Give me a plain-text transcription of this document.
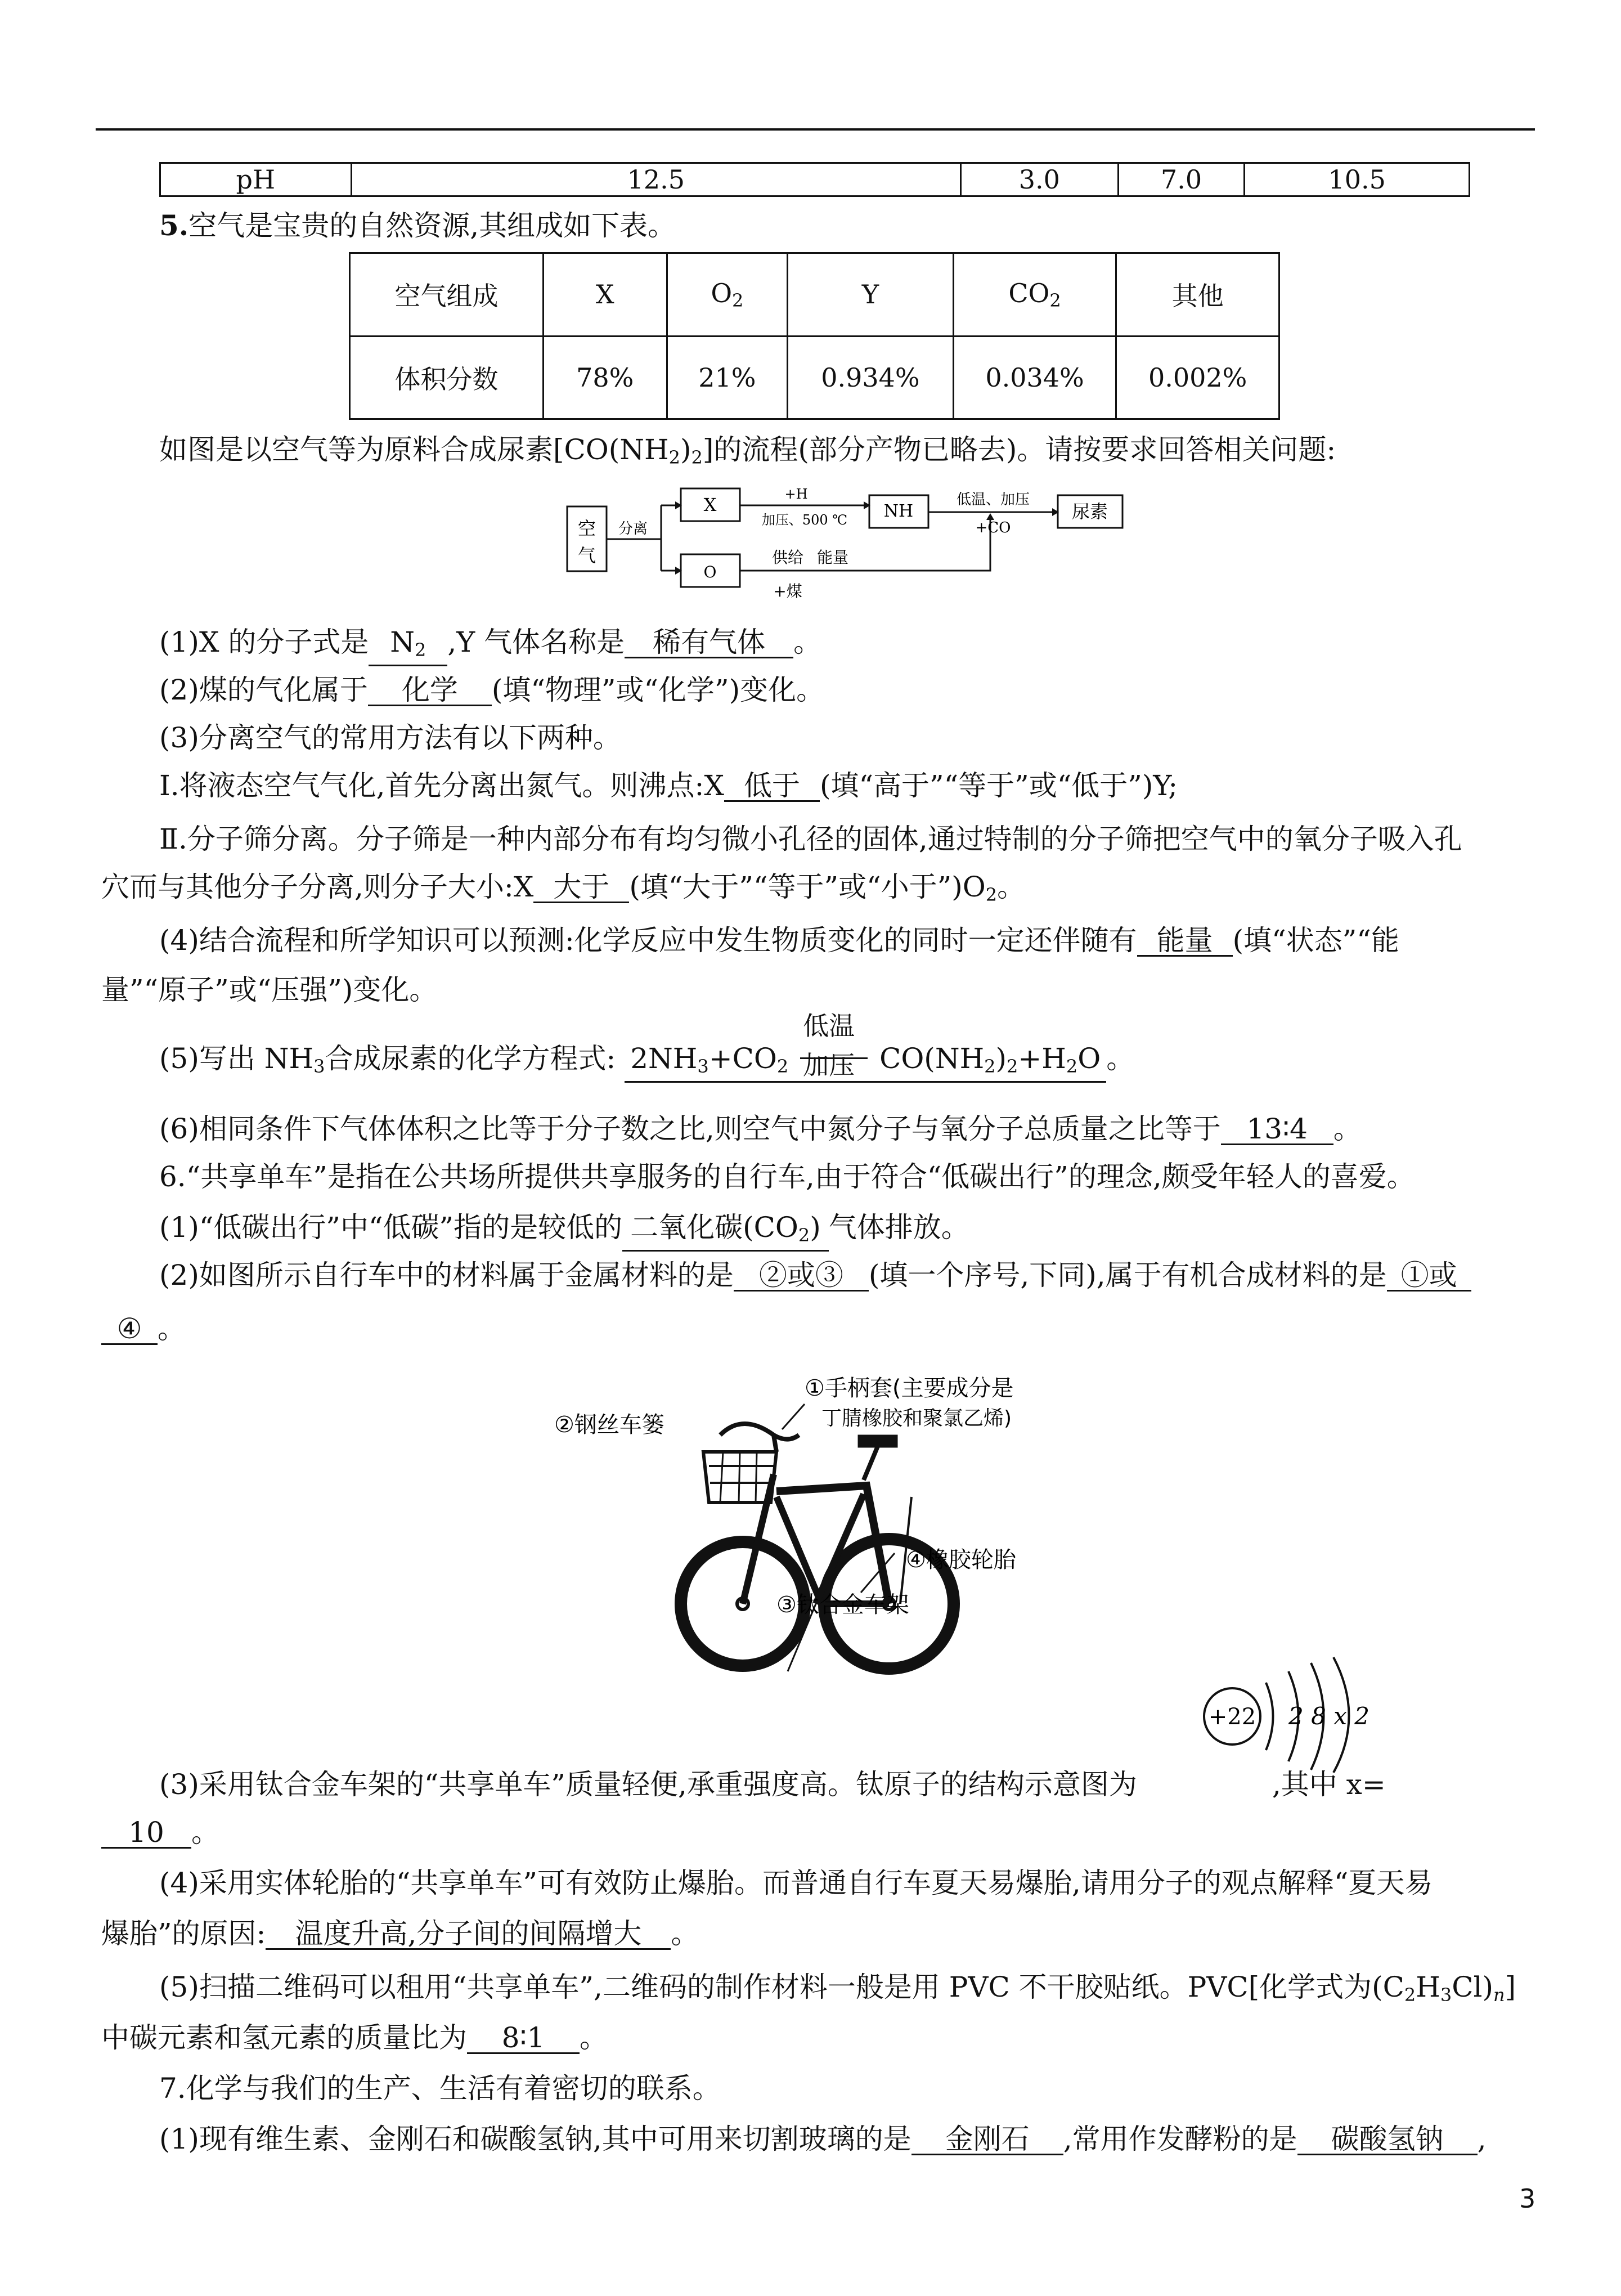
pH	12.5	3.0	7.0	10.5
5.空气是宝贵的自然资源,其组成如下表。
空气组成	X	$O_2$	Y	$CO_2$	其他
体积分数	78%	21%	0.934%	0.034%	0.002%
如图是以空气等为原料合成尿素$[CO(NH_2)_2]$的流程(部分产物已略去)。请按要求回答相关问题:
空
气
分离
X	+H
加压、500 ℃ NH
低温、加压
+CO
尿素
O
供给 能量
+煤
(1)X 的分子式是 $N_2$ ,Y 气体名称是 稀有气体 。
(2)煤的气化属于 化学 (填“物理”或“化学”)变化。
(3)分离空气的常用方法有以下两种。
Ⅰ.将液态空气气化,首先分离出氮气。则沸点:X 低于 (填“高于”“等于”或“低于”)Y;
Ⅱ.分子筛分离。分子筛是一种内部分布有均匀微小孔径的固体,通过特制的分子筛把空气中的氧分子吸入孔
穴而与其他分子分离,则分子大小:X 大于 (填“大于”“等于”或“小于$”)O_2$。
(4)结合流程和所学知识可以预测:化学反应中发生物质变化的同时一定还伴随有 能量 (填“状态”“能
量”“原子”或“压强”)变化。
(5)写出 $NH_3$合成尿素的化学方程式: $2NH_3+CO_2$
低温
加压 $CO(NH_2)_2+H_2O$ 。
(6)相同条件下气体体积之比等于分子数之比,则空气中氮分子与氧分子总质量之比等于 13∶4 。
6.“共享单车”是指在公共场所提供共享服务的自行车,由于符合“低碳出行”的理念,颇受年轻人的喜爱。
(1)“低碳出行”中“低碳”指的是较低的 二氧化碳$(CO_2)$ 气体排放。
(2)如图所示自行车中的材料属于金属材料的是 ②或③ (填一个序号,下同),属于有机合成材料的是 ①或
④ 。
①手柄套(主要成分是
丁腈橡胶和聚氯乙烯)
②钢丝车篓
④橡胶轮胎
③钛合金车架
+22 2 8 x 2
(3)采用钛合金车架的“共享单车”质量轻便,承重强度高。钛原子的结构示意图为	,其中 x=
10 。
(4)采用实体轮胎的“共享单车”可有效防止爆胎。而普通自行车夏天易爆胎,请用分子的观点解释“夏天易
爆胎”的原因: 温度升高,分子间的间隔增大 。
(5)扫描二维码可以租用“共享单车”,二维码的制作材料一般是用 PVC 不干胶贴纸。PVC[化学式为$(C_2H_3Cl)_n$]
中碳元素和氢元素的质量比为 8∶1 。
7.化学与我们的生产、生活有着密切的联系。
(1)现有维生素、金刚石和碳酸氢钠,其中可用来切割玻璃的是 金刚石 ,常用作发酵粉的是 碳酸氢钠 ,
3
